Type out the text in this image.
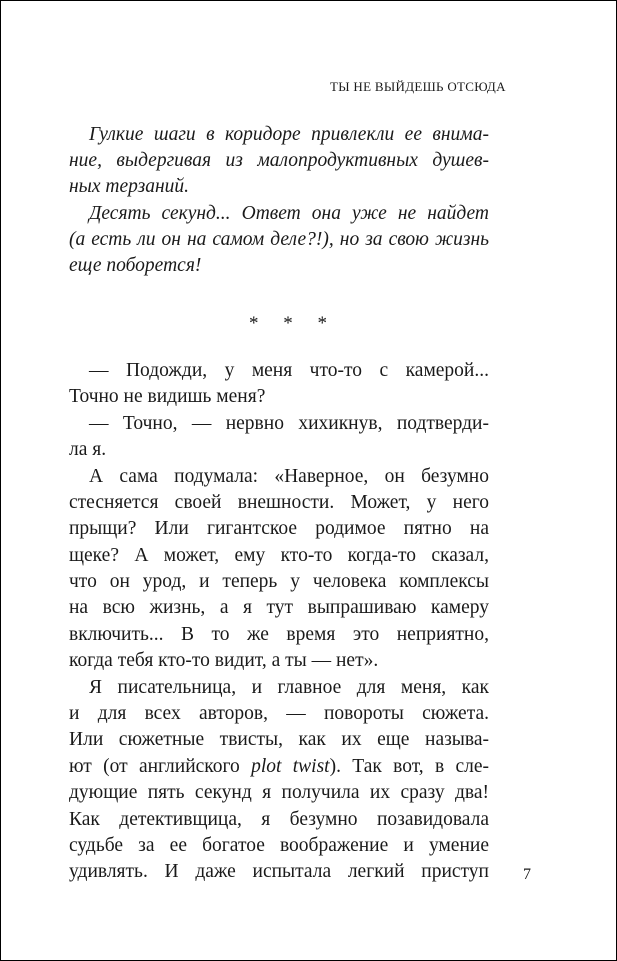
ТЫ НЕ ВЫЙДЕШЬ ОТСЮДА
Гулкие шаги в коридоре привлекли ее внима-
ние, выдергивая из малопродуктивных душев-
ных терзаний.
Десять секунд... Ответ она уже не найдет
(а есть ли он на самом деле?!), но за свою жизнь
еще поборется!
* * *
— Подожди, у меня что-то с камерой...
Точно не видишь меня?
— Точно, — нервно хихикнув, подтверди-
ла я.
А сама подумала: «Наверное, он безумно
стесняется своей внешности. Может, у него
прыщи? Или гигантское родимое пятно на
щеке? А может, ему кто-то когда-то сказал,
что он урод, и теперь у человека комплексы
на всю жизнь, а я тут выпрашиваю камеру
включить... В то же время это неприятно,
когда тебя кто-то видит, а ты — нет».
Я писательница, и главное для меня, как
и для всех авторов, — повороты сюжета.
Или сюжетные твисты, как их еще называ-
ют (от английского plot twist). Так вот, в сле-
дующие пять секунд я получила их сразу два!
Как детективщица, я безумно позавидовала
судьбе за ее богатое воображение и умение
удивлять. И даже испытала легкий приступ 7
